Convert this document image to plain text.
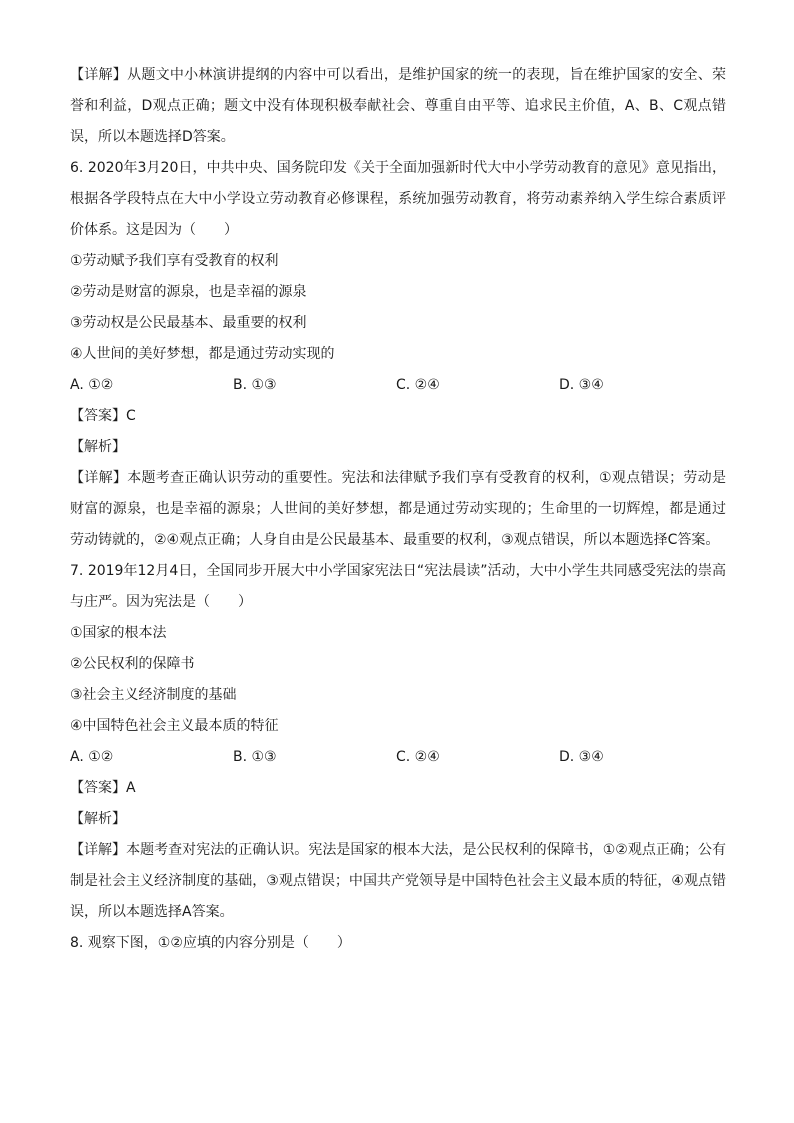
【详解】从题文中小林演讲提纲的内容中可以看出，是维护国家的统一的表现，旨在维护国家的安全、荣誉和利益，D观点正确；题文中没有体现积极奉献社会、尊重自由平等、追求民主价值，A、B、C观点错误，所以本题选择D答案。
6. 2020年3月20日，中共中央、国务院印发《关于全面加强新时代大中小学劳动教育的意见》意见指出，根据各学段特点在大中小学设立劳动教育必修课程，系统加强劳动教育，将劳动素养纳入学生综合素质评价体系。这是因为（　　）
①劳动赋予我们享有受教育的权利
②劳动是财富的源泉，也是幸福的源泉
③劳动权是公民最基本、最重要的权利
④人世间的美好梦想，都是通过劳动实现的
A. ①②	B. ①③	C. ②④	D. ③④
【答案】C
【解析】
【详解】本题考查正确认识劳动的重要性。宪法和法律赋予我们享有受教育的权利，①观点错误；劳动是财富的源泉，也是幸福的源泉；人世间的美好梦想，都是通过劳动实现的；生命里的一切辉煌，都是通过劳动铸就的，②④观点正确；人身自由是公民最基本、最重要的权利，③观点错误，所以本题选择C答案。
7. 2019年12月4日，全国同步开展大中小学国家宪法日“宪法晨读”活动，大中小学生共同感受宪法的崇高与庄严。因为宪法是（　　）
①国家的根本法
②公民权利的保障书
③社会主义经济制度的基础
④中国特色社会主义最本质的特征
A. ①②	B. ①③	C. ②④	D. ③④
【答案】A
【解析】
【详解】本题考查对宪法的正确认识。宪法是国家的根本大法，是公民权利的保障书，①②观点正确；公有制是社会主义经济制度的基础，③观点错误；中国共产党领导是中国特色社会主义最本质的特征，④观点错误，所以本题选择A答案。
8. 观察下图，①②应填的内容分别是（　　）
